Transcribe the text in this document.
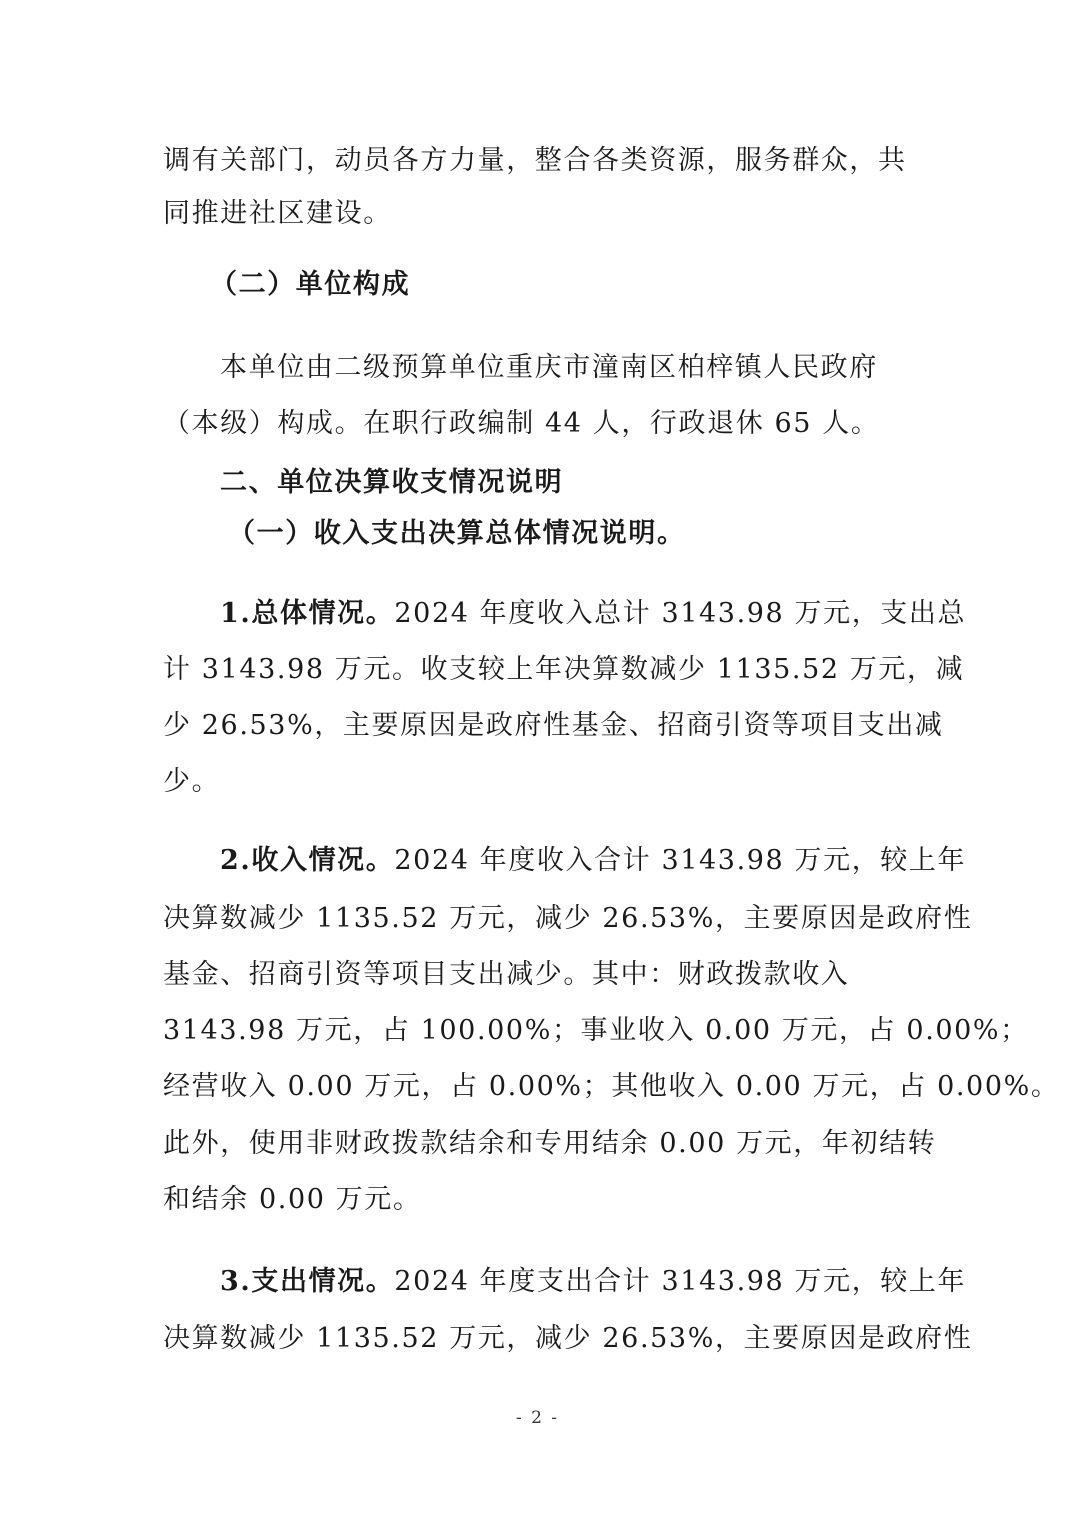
调有关部门，动员各方力量，整合各类资源，服务群众，共
同推进社区建设。
（二）单位构成
本单位由二级预算单位重庆市潼南区柏梓镇人民政府
（本级）构成。在职行政编制 44 人，行政退休 65 人。
二、单位决算收支情况说明
（一）收入支出决算总体情况说明。
1.总体情况。2024 年度收入总计 3143.98 万元，支出总
计 3143.98 万元。收支较上年决算数减少 1135.52 万元，减
少 26.53%，主要原因是政府性基金、招商引资等项目支出减
少。
2.收入情况。2024 年度收入合计 3143.98 万元，较上年
决算数减少 1135.52 万元，减少 26.53%，主要原因是政府性
基金、招商引资等项目支出减少。其中：财政拨款收入
3143.98 万元，占 100.00%；事业收入 0.00 万元，占 0.00%；
经营收入 0.00 万元，占 0.00%；其他收入 0.00 万元，占 0.00%。
此外，使用非财政拨款结余和专用结余 0.00 万元，年初结转
和结余 0.00 万元。
3.支出情况。2024 年度支出合计 3143.98 万元，较上年
决算数减少 1135.52 万元，减少 26.53%，主要原因是政府性
- 2 -
